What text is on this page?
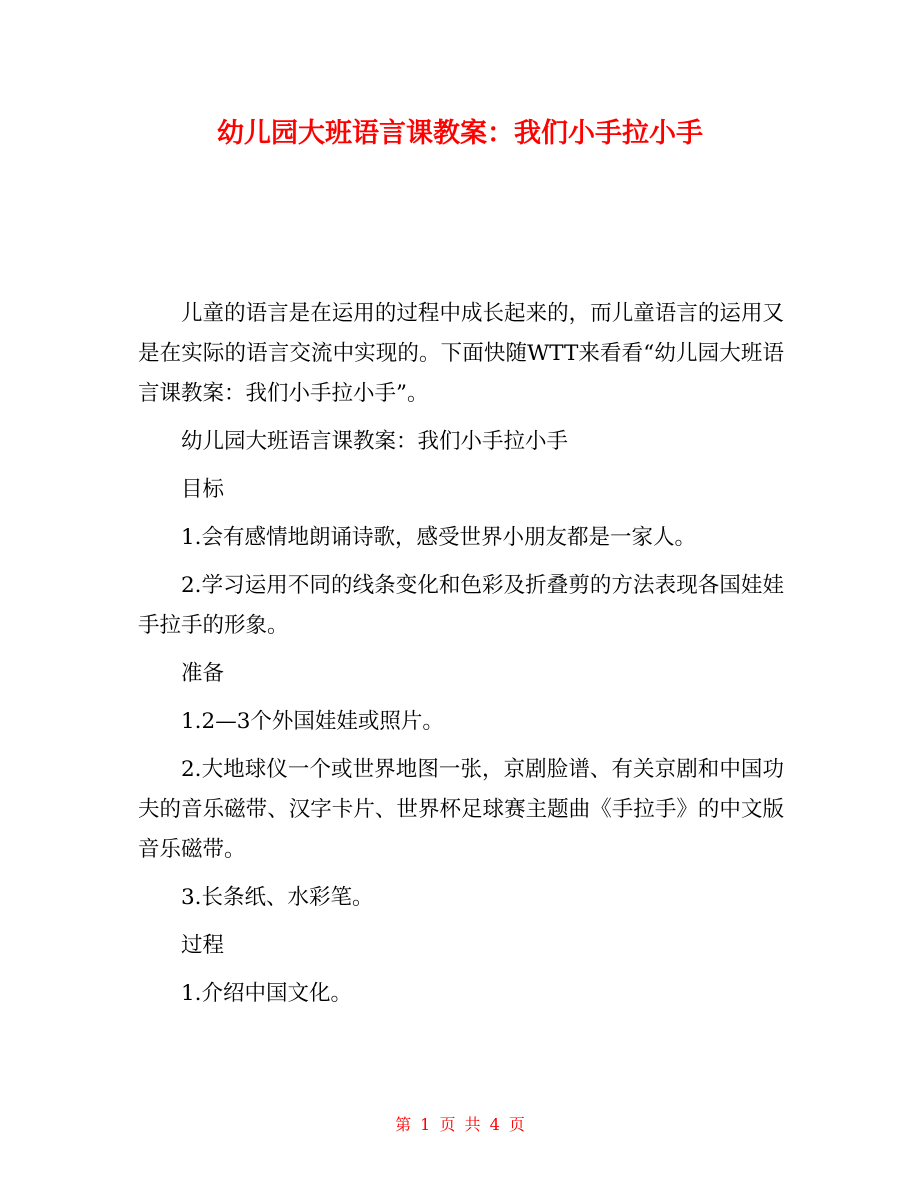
幼儿园大班语言课教案：我们小手拉小手

儿童的语言是在运用的过程中成长起来的，而儿童语言的运用又是在实际的语言交流中实现的。下面快随WTT来看看“幼儿园大班语言课教案：我们小手拉小手”。

幼儿园大班语言课教案：我们小手拉小手

目标

1.会有感情地朗诵诗歌，感受世界小朋友都是一家人。

2.学习运用不同的线条变化和色彩及折叠剪的方法表现各国娃娃手拉手的形象。

准备

1.2—3个外国娃娃或照片。

2.大地球仪一个或世界地图一张，京剧脸谱、有关京剧和中国功夫的音乐磁带、汉字卡片、世界杯足球赛主题曲《手拉手》的中文版音乐磁带。

3.长条纸、水彩笔。

过程

1.介绍中国文化。

第 1 页 共 4 页
